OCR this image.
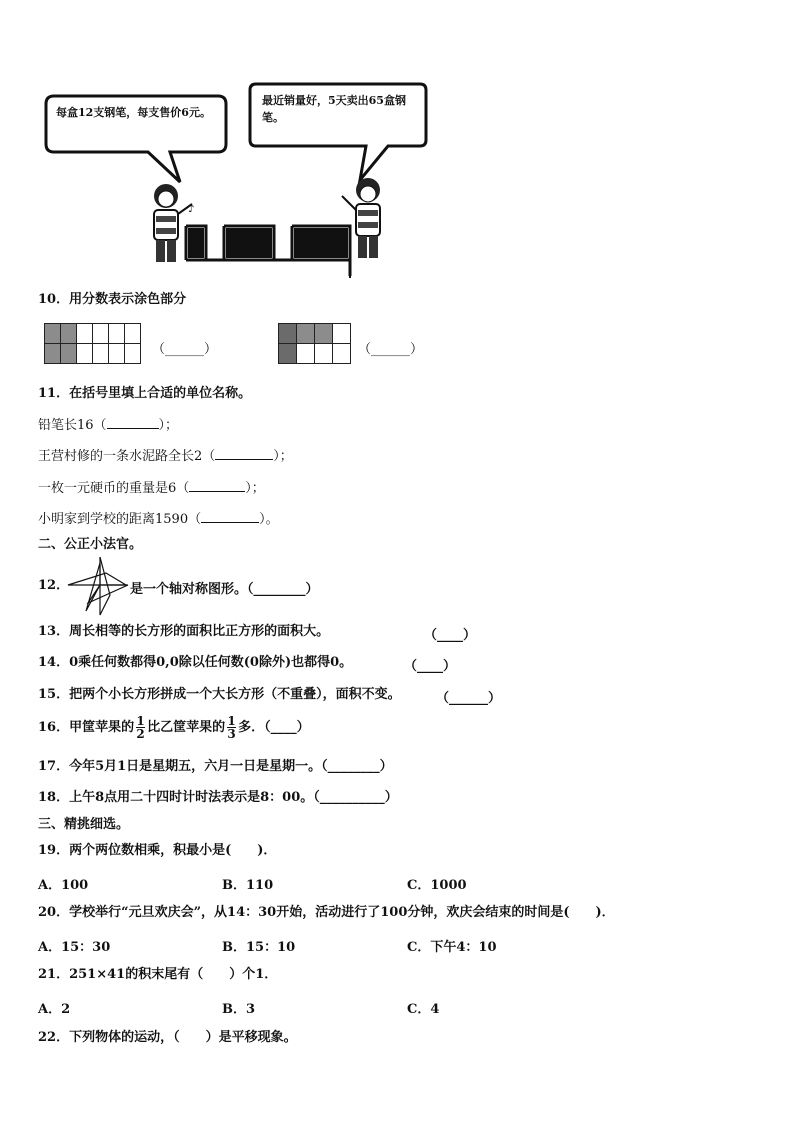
♪
每盒12支钢笔，每支售价6元。
最近销量好，5天卖出65盒钢笔。
10．用分数表示涂色部分
（______）	（______）
11．在括号里填上合适的单位名称。
铅笔长16（	）；
王营村修的一条水泥路全长2（	）；
一枚一元硬币的重量是6（	）；
小明家到学校的距离1590（	）。
二、公正小法官。
12．	是一个轴对称图形。（________）
13．周长相等的长方形的面积比正方形的面积大。	（____）
14．0乘任何数都得0,0除以任何数(0除外)也都得0。	（____）
15．把两个小长方形拼成一个大长方形（不重叠），面积不变。	（______）
16．甲筐苹果的 $\frac{1}{2}$ 比乙筐苹果的 $\frac{1}{3}$ 多．（____）
17．今年5月1日是星期五，六月一日是星期一。（________）
18．上午8点用二十四时计时法表示是8：00。（__________）
三、精挑细选。
19．两个两位数相乘，积最小是(　　)．
A．100	B．110	C．1000
20．学校举行“元旦欢庆会”，从14：30开始，活动进行了100分钟，欢庆会结束的时间是(　　)．
A．15：30	B．15：10	C．下午4：10
21．251×41的积末尾有（　　）个1．
A．2	B．3	C．4
22．下列物体的运动，（　　）是平移现象。
